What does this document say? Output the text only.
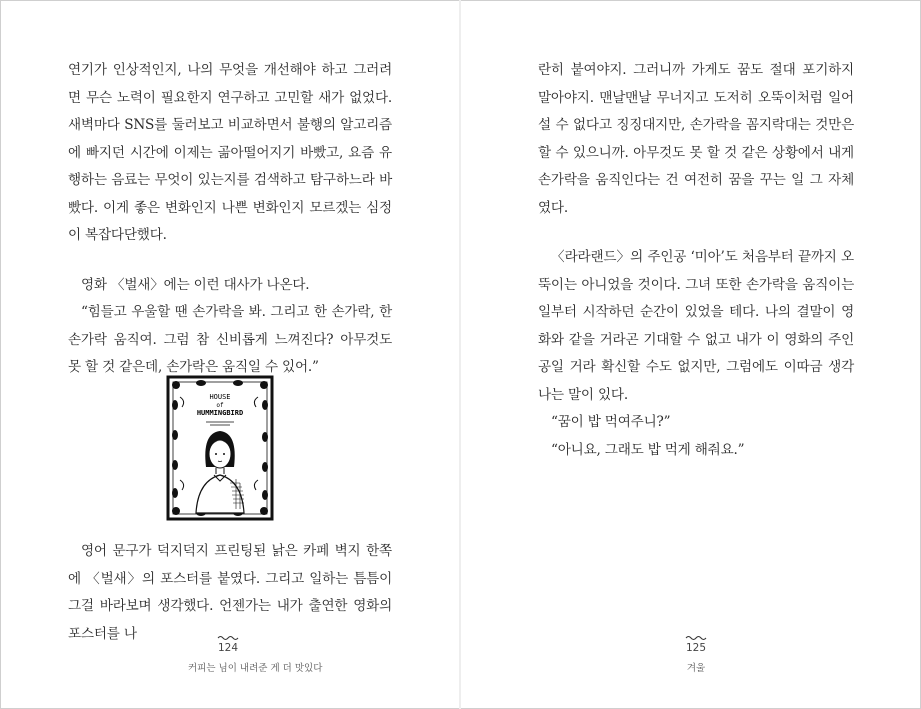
연기가 인상적인지, 나의 무엇을 개선해야 하고 그러려면 무슨 노력이 필요한지 연구하고 고민할 새가 없었다. 새벽마다 SNS를 둘러보고 비교하면서 불행의 알고리즘에 빠지던 시간에 이제는 곪아떨어지기 바빴고, 요즘 유행하는 음료는 무엇이 있는지를 검색하고 탐구하느라 바빴다. 이게 좋은 변화인지 나쁜 변화인지 모르겠는 심정이 복잡다단했다.

영화 〈벌새〉에는 이런 대사가 나온다.

“힘들고 우울할 땐 손가락을 봐. 그리고 한 손가락, 한 손가락 움직여. 그럼 참 신비롭게 느껴진다? 아무것도 못 할 것 같은데, 손가락은 움직일 수 있어.”

HOUSE
of
HUMMINGBIRD

영어 문구가 덕지덕지 프린팅된 낡은 카페 벽지 한쪽에 〈벌새〉의 포스터를 붙였다. 그리고 일하는 틈틈이 그걸 바라보며 생각했다. 언젠가는 내가 출연한 영화의 포스터를 나

124
커피는 님이 내려준 게 더 맛있다

란히 붙여야지. 그러니까 가게도 꿈도 절대 포기하지 말아야지. 맨날맨날 무너지고 도저히 오뚝이처럼 일어설 수 없다고 징징대지만, 손가락을 꼼지락대는 것만은 할 수 있으니까. 아무것도 못 할 것 같은 상황에서 내게 손가락을 움직인다는 건 여전히 꿈을 꾸는 일 그 자체였다.

〈라라랜드〉의 주인공 ‘미아’도 처음부터 끝까지 오뚝이는 아니었을 것이다. 그녀 또한 손가락을 움직이는 일부터 시작하던 순간이 있었을 테다. 나의 결말이 영화와 같을 거라곤 기대할 수 없고 내가 이 영화의 주인공일 거라 확신할 수도 없지만, 그럼에도 이따금 생각나는 말이 있다.

“꿈이 밥 먹여주니?”

“아니요, 그래도 밥 먹게 해줘요.”

125
겨울
